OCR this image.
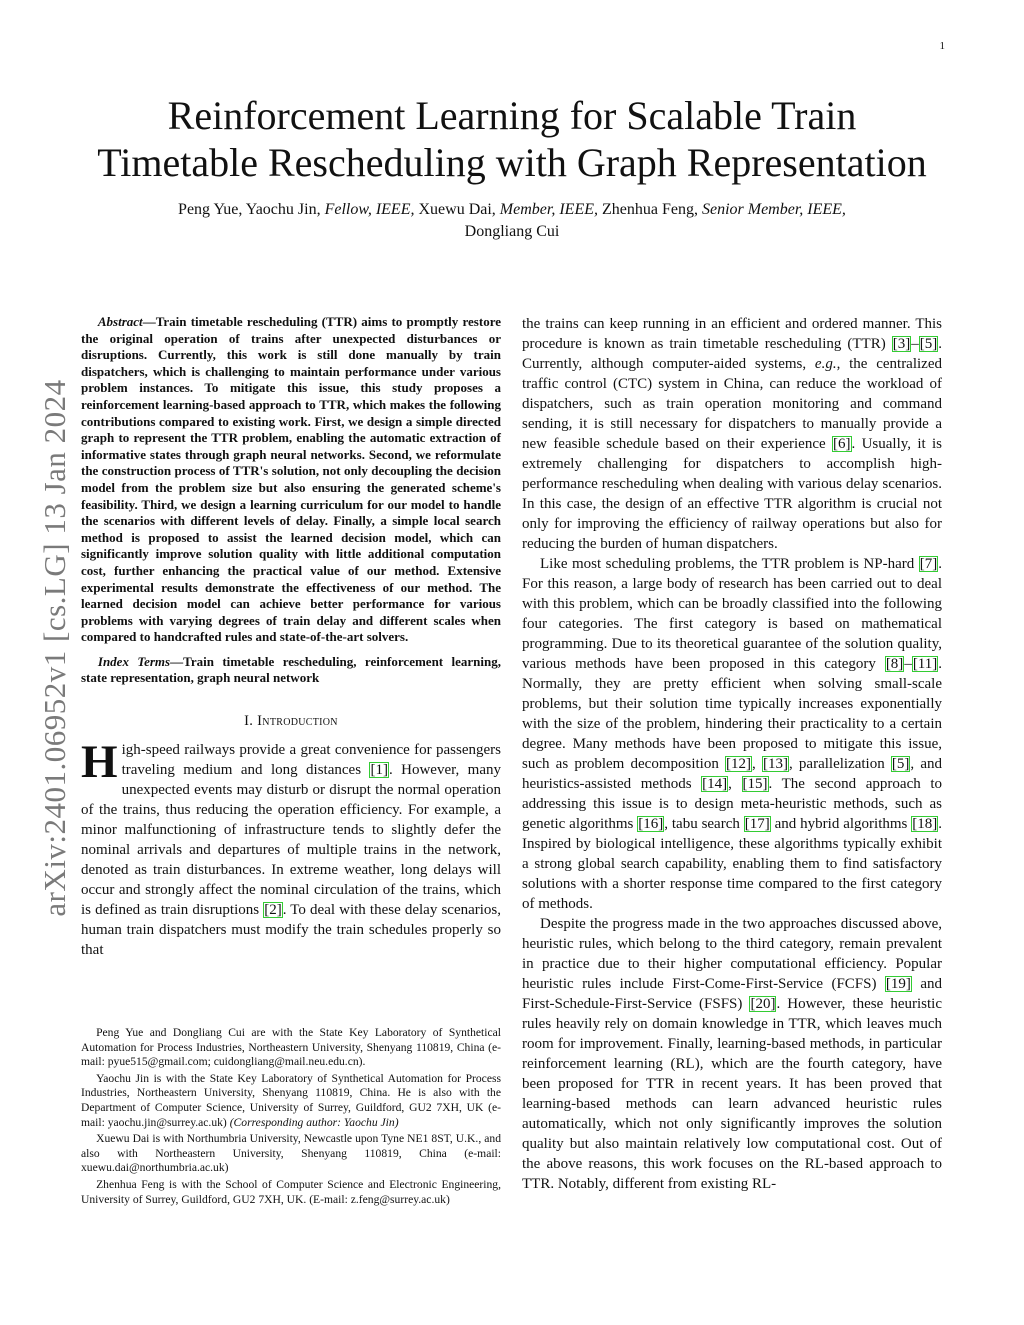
1
Reinforcement Learning for Scalable Train
Timetable Rescheduling with Graph Representation
Peng Yue, Yaochu Jin, Fellow, IEEE, Xuewu Dai, Member, IEEE, Zhenhua Feng, Senior Member, IEEE,
Dongliang Cui
arXiv:2401.06952v1 [cs.LG] 13 Jan 2024

Abstract—Train timetable rescheduling (TTR) aims to promptly restore the original operation of trains after unexpected disturbances or disruptions. Currently, this work is still done manually by train dispatchers, which is challenging to maintain performance under various problem instances. To mitigate this issue, this study proposes a reinforcement learning-based approach to TTR, which makes the following contributions compared to existing work. First, we design a simple directed graph to represent the TTR problem, enabling the automatic extraction of informative states through graph neural networks. Second, we reformulate the construction process of TTR's solution, not only decoupling the decision model from the problem size but also ensuring the generated scheme's feasibility. Third, we design a learning curriculum for our model to handle the scenarios with different levels of delay. Finally, a simple local search method is proposed to assist the learned decision model, which can significantly improve solution quality with little additional computation cost, further enhancing the practical value of our method. Extensive experimental results demonstrate the effectiveness of our method. The learned decision model can achieve better performance for various problems with varying degrees of train delay and different scales when compared to handcrafted rules and state-of-the-art solvers.

Index Terms—Train timetable rescheduling, reinforcement learning, state representation, graph neural network

I. Introduction

High-speed railways provide a great convenience for passengers traveling medium and long distances [1]. However, many unexpected events may disturb or disrupt the normal operation of the trains, thus reducing the operation efficiency. For example, a minor malfunctioning of infrastructure tends to slightly defer the nominal arrivals and departures of multiple trains in the network, denoted as train disturbances. In extreme weather, long delays will occur and strongly affect the nominal circulation of the trains, which is defined as train disruptions [2]. To deal with these delay scenarios, human train dispatchers must modify the train schedules properly so that

Peng Yue and Dongliang Cui are with the State Key Laboratory of Synthetical Automation for Process Industries, Northeastern University, Shenyang 110819, China (e-mail: pyue515@gmail.com; cuidongliang@mail.neu.edu.cn).

Yaochu Jin is with the State Key Laboratory of Synthetical Automation for Process Industries, Northeastern University, Shenyang 110819, China. He is also with the Department of Computer Science, University of Surrey, Guildford, GU2 7XH, UK (e-mail: yaochu.jin@surrey.ac.uk) (Corresponding author: Yaochu Jin)

Xuewu Dai is with Northumbria University, Newcastle upon Tyne NE1 8ST, U.K., and also with Northeastern University, Shenyang 110819, China (e-mail: xuewu.dai@northumbria.ac.uk)

Zhenhua Feng is with the School of Computer Science and Electronic Engineering, University of Surrey, Guildford, GU2 7XH, UK. (E-mail: z.feng@surrey.ac.uk)

the trains can keep running in an efficient and ordered manner. This procedure is known as train timetable rescheduling (TTR) [3]–[5]. Currently, although computer-aided systems, e.g., the centralized traffic control (CTC) system in China, can reduce the workload of dispatchers, such as train operation monitoring and command sending, it is still necessary for dispatchers to manually provide a new feasible schedule based on their experience [6]. Usually, it is extremely challenging for dispatchers to accomplish high-performance rescheduling when dealing with various delay scenarios. In this case, the design of an effective TTR algorithm is crucial not only for improving the efficiency of railway operations but also for reducing the burden of human dispatchers.

Like most scheduling problems, the TTR problem is NP-hard [7]. For this reason, a large body of research has been carried out to deal with this problem, which can be broadly classified into the following four categories. The first category is based on mathematical programming. Due to its theoretical guarantee of the solution quality, various methods have been proposed in this category [8]–[11]. Normally, they are pretty efficient when solving small-scale problems, but their solution time typically increases exponentially with the size of the problem, hindering their practicality to a certain degree. Many methods have been proposed to mitigate this issue, such as problem decomposition [12], [13], parallelization [5], and heuristics-assisted methods [14], [15]. The second approach to addressing this issue is to design meta-heuristic methods, such as genetic algorithms [16], tabu search [17] and hybrid algorithms [18]. Inspired by biological intelligence, these algorithms typically exhibit a strong global search capability, enabling them to find satisfactory solutions with a shorter response time compared to the first category of methods.

Despite the progress made in the two approaches discussed above, heuristic rules, which belong to the third category, remain prevalent in practice due to their higher computational efficiency. Popular heuristic rules include First-Come-First-Service (FCFS) [19] and First-Schedule-First-Service (FSFS) [20]. However, these heuristic rules heavily rely on domain knowledge in TTR, which leaves much room for improvement. Finally, learning-based methods, in particular reinforcement learning (RL), which are the fourth category, have been proposed for TTR in recent years. It has been proved that learning-based methods can learn advanced heuristic rules automatically, which not only significantly improves the solution quality but also maintain relatively low computational cost. Out of the above reasons, this work focuses on the RL-based approach to TTR. Notably, different from existing RL-
